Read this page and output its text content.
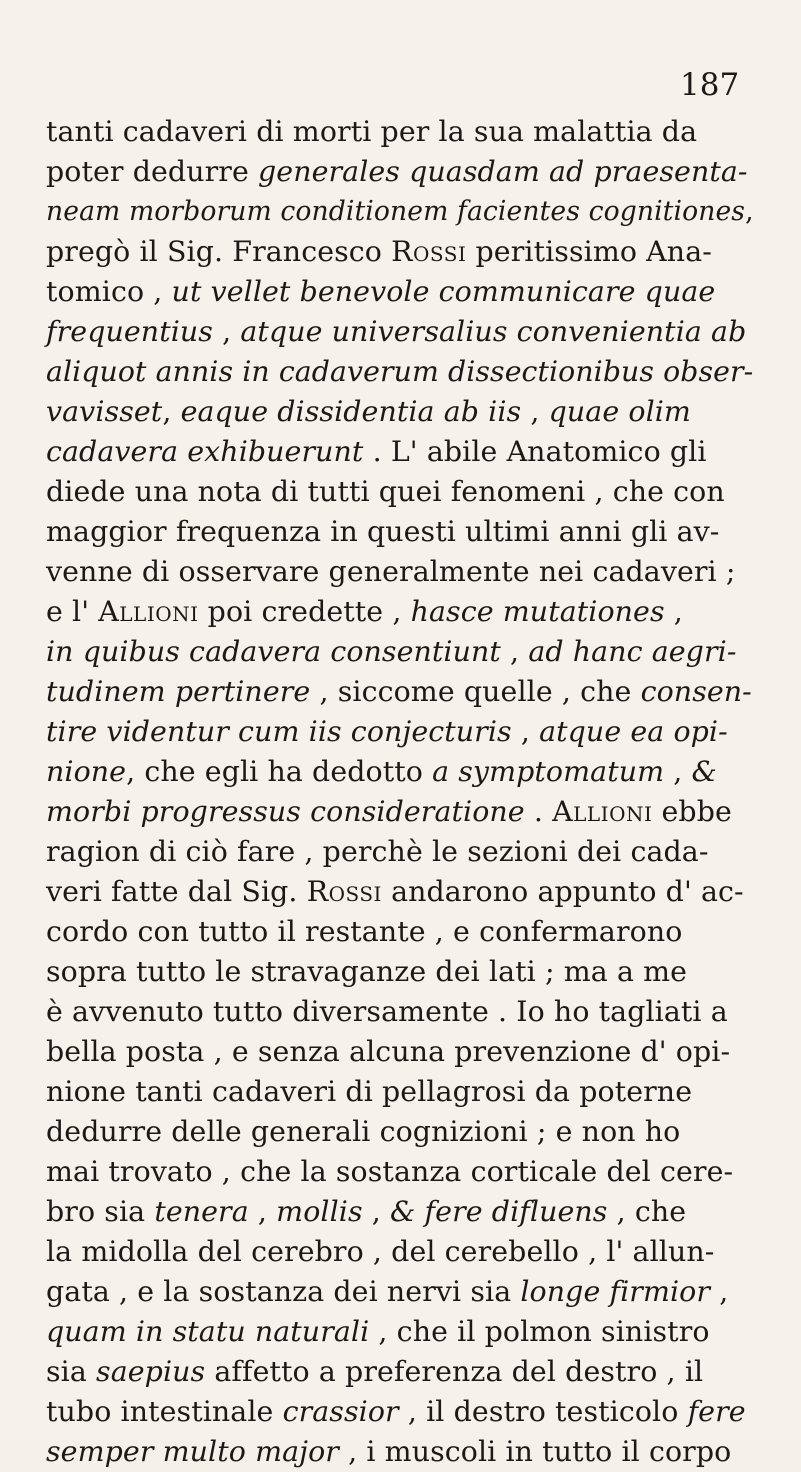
187
tanti cadaveri di morti per la sua malattia da
poter dedurre generales quasdam ad praesenta-
neam morborum conditionem facientes cognitiones,
pregò il Sig. Francesco Rossi peritissimo Ana-
tomico , ut vellet benevole communicare quae
frequentius , atque universalius convenientia ab
aliquot annis in cadaverum dissectionibus obser-
vavisset, eaque dissidentia ab iis , quae olim
cadavera exhibuerunt . L' abile Anatomico gli
diede una nota di tutti quei fenomeni , che con
maggior frequenza in questi ultimi anni gli av-
venne di osservare generalmente nei cadaveri ;
e l' Allioni poi credette , hasce mutationes ,
in quibus cadavera consentiunt , ad hanc aegri-
tudinem pertinere , siccome quelle , che consen-
tire videntur cum iis conjecturis , atque ea opi-
nione, che egli ha dedotto a symptomatum , &
morbi progressus consideratione . Allioni ebbe
ragion di ciò fare , perchè le sezioni dei cada-
veri fatte dal Sig. Rossi andarono appunto d' ac-
cordo con tutto il restante , e confermarono
sopra tutto le stravaganze dei lati ; ma a me
è avvenuto tutto diversamente . Io ho tagliati a
bella posta , e senza alcuna prevenzione d' opi-
nione tanti cadaveri di pellagrosi da poterne
dedurre delle generali cognizioni ; e non ho
mai trovato , che la sostanza corticale del cere-
bro sia tenera , mollis , & fere difluens , che
la midolla del cerebro , del cerebello , l' allun-
gata , e la sostanza dei nervi sia longe firmior ,
quam in statu naturali , che il polmon sinistro
sia saepius affetto a preferenza del destro , il
tubo intestinale crassior , il destro testicolo fere
semper multo major , i muscoli in tutto il corpo
